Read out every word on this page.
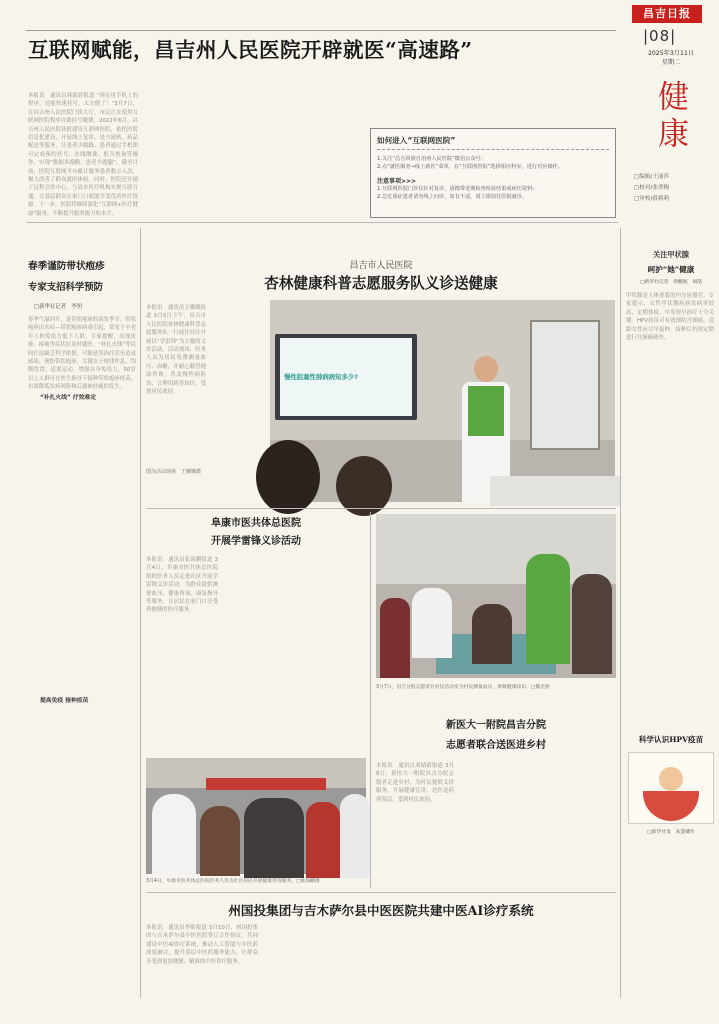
昌吉日报
|08|
2025年3月11日
星期二
健康
□编辑/王丽萍
□校对/张翠梅
□审校/薛莉莉
互联网赋能，昌吉州人民医院开辟就医“高速路”
本报讯　通讯员韩婧婷报道 “现在用手机上的程序，还能快速挂号，太方便了！”3月7日，在昌吉州人民医院门诊大厅，市民正在使用互联网医院程序自助挂号缴费。2022年6月，昌吉州人民医院获批建设互联网医院，依托医院信息化建设，开展线上复诊、处方流转、药品配送等服务，让患者少跑路。患者通过手机即可完成预约挂号、在线缴费、报告查询等操作，实现“数据多跑路，患者少跑腿”。截至目前，医院互联网平台累计服务患者数万人次，极大改善了群众就医体验。同时，医院还开通了远程会诊中心，与县市医疗机构实现互联互通，让基层群众在家门口就能享受优质医疗资源。下一步，医院将继续深化“互联网+医疗健康”服务，不断提升服务能力和水平。
如何进入“互联网医院”
1.关注“昌吉回族自治州人民医院”微信公众号；
2.点“就医服务→线上就医”菜单，在“互联网医院”选择相应科室，进行对应操作。
注意事项>>>
1.互联网医院门诊仅针对复诊，请携带近期检查检验结果或病历资料；
2.急危重症患者请勿线上问诊，如有不适，请立即前往医院就诊。
春季谨防带状疱疹
专家支招科学预防
□新华社记者　李恒
春季气温回升，是带状疱疹的高发季节。带状疱疹由水痘—带状疱疹病毒引起，常见于中老年人和免疫力低下人群。专家提醒，出现皮疹、疼痛等症状应及时就医。“补扎火线”等民间疗法缺乏科学依据，可能延误治疗甚至造成感染。预防带状疱疹，关键在于规律作息、均衡饮食、适度运动，增强自身免疫力。50岁以上人群可在医生指导下接种带状疱疹疫苗，有效降低发病风险和后遗神经痛的发生。
“补扎火线” 疗效难定
提高免疫 接种疫苗
昌吉市人民医院
杏林健康科普志愿服务队义诊送健康
本报讯　通讯员王娜娜报道 3月5日下午，昌吉市人民医院杏林健康科普志愿服务队一行前往社区开展以“学雷锋”为主题的义诊活动。活动现场，医务人员为居民免费测量血压、血糖，并耐心解答健康咨询，普及慢性病防治、合理用药等知识，受到居民欢迎。
慢性阻塞性肺病病知多少?
图为活动现场　王娜娜摄
阜康市医共体总医院
开展学雷锋义诊活动
本报讯　通讯员张海鹏报道 3月4日，阜康市医共体总医院组织医务人员走进社区开展学雷锋义诊活动，为群众提供测量血压、健康咨询、康复指导等服务，让居民在家门口享受到便捷的医疗服务。
3月4日，阜康市医共体总医院医务人员为社区居民开展健康咨询服务。□张海鹏摄
3月7日，昌吉分院志愿者在村民活动室为村民测量血压，讲解健康知识。□魏光照
新医大一附院昌吉分院
志愿者联合送医进乡村
本报讯　通讯员刘婧婧报道 3月8日，新医大一附院昌吉分院志愿者走进乡村，为村民提供义诊服务，开展健康宣讲，送医送药到基层，受到村民欢迎。
关注甲状腺
呵护“她”健康
□新华社记者　徐鹏航　胡喆
甲状腺是人体重要的内分泌器官。专家提示，女性甲状腺疾病发病率较高，定期体检、早发现早治疗十分关键。HPV疫苗可有效预防宫颈癌，适龄女性应尽早接种，接种后仍需定期进行宫颈癌筛查。
科学认识HPV疫苗
□新华社发　朱慧卿作
州国投集团与吉木萨尔县中医医院共建中医AI诊疗系统
本报讯　通讯员李维报道 3月10日，州国投集团与吉木萨尔县中医医院签订合作协议，共同建设中医AI诊疗系统，推动人工智能与中医药深度融合，提升基层中医药服务能力，让群众享受到更加便捷、精准的中医诊疗服务。
